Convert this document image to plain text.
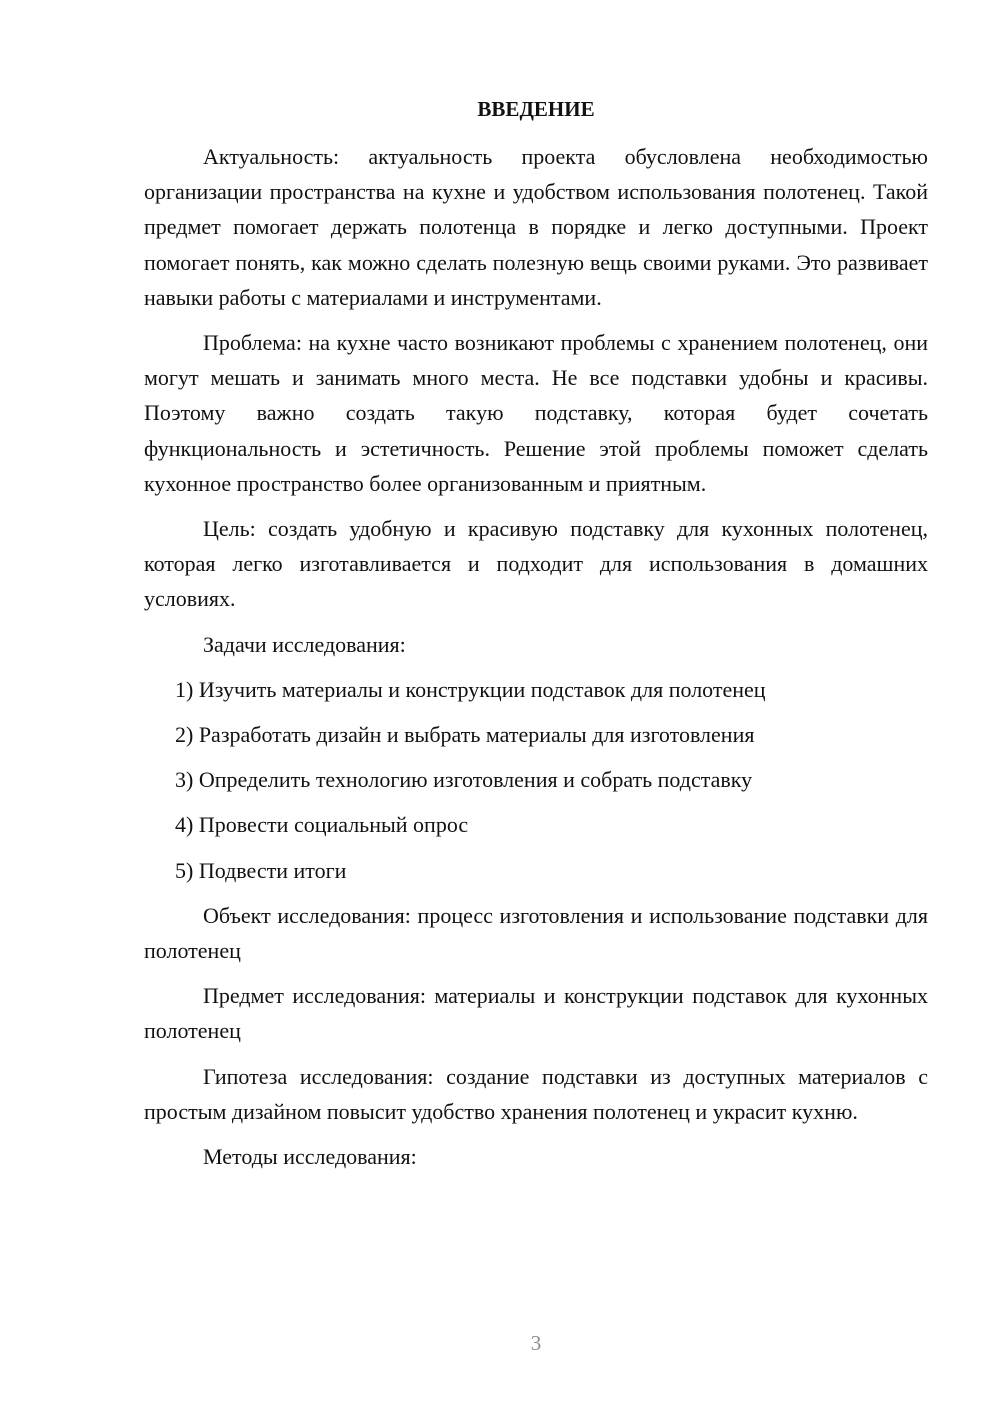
ВВЕДЕНИЕ

Актуальность: актуальность проекта обусловлена необходимостью организации пространства на кухне и удобством использования полотенец. Такой предмет помогает держать полотенца в порядке и легко доступными. Проект помогает понять, как можно сделать полезную вещь своими руками. Это развивает навыки работы с материалами и инструментами.

Проблема: на кухне часто возникают проблемы с хранением полотенец, они могут мешать и занимать много места. Не все подставки удобны и красивы. Поэтому важно создать такую подставку, которая будет сочетать функциональность и эстетичность. Решение этой проблемы поможет сделать кухонное пространство более организованным и приятным.

Цель: создать удобную и красивую подставку для кухонных полотенец, которая легко изготавливается и подходит для использования в домашних условиях.

Задачи исследования:

1) Изучить материалы и конструкции подставок для полотенец

2) Разработать дизайн и выбрать материалы для изготовления

3) Определить технологию изготовления и собрать подставку

4) Провести социальный опрос

5) Подвести итоги

Объект исследования: процесс изготовления и использование подставки для полотенец

Предмет исследования: материалы и конструкции подставок для кухонных полотенец

Гипотеза исследования: создание подставки из доступных материалов с простым дизайном повысит удобство хранения полотенец и украсит кухню.

Методы исследования:

3
